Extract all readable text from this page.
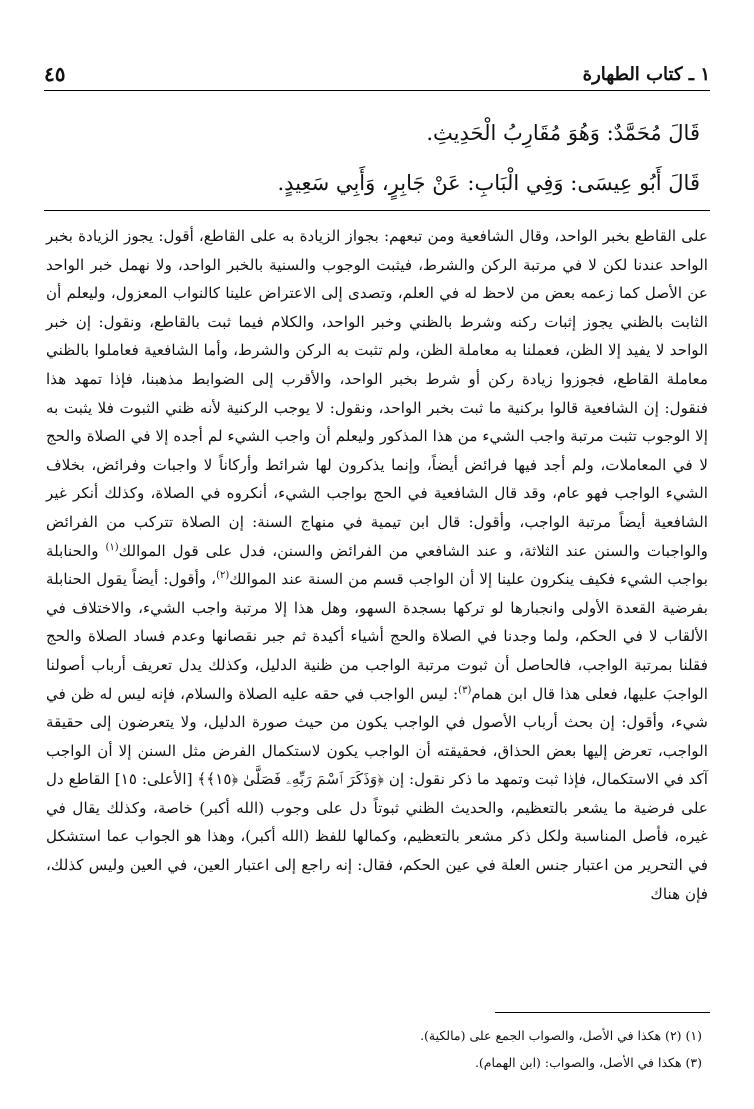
١ ـ كتاب الطهارة
٤٥

قَالَ مُحَمَّدٌ: وَهُوَ مُقَارِبُ الْحَدِيثِ.

قَالَ أَبُو عِيسَى: وَفِي الْبَابِ: عَنْ جَابِرٍ، وَأَبِي سَعِيدٍ.

على القاطع بخبر الواحد، وقال الشافعية ومن تبعهم: بجواز الزيادة به على القاطع، أقول: يجوز الزيادة بخبر الواحد عندنا لكن لا في مرتبة الركن والشرط، فيثبت الوجوب والسنية بالخبر الواحد، ولا نهمل خبر الواحد عن الأصل كما زعمه بعض من لاحظ له في العلم، وتصدى إلى الاعتراض علينا كالنواب المعزول، وليعلم أن الثابت بالظني يجوز إثبات ركنه وشرط بالظني وخبر الواحد، والكلام فيما ثبت بالقاطع، ونقول: إن خبر الواحد لا يفيد إلا الظن، فعملنا به معاملة الظن، ولم تثبت به الركن والشرط، وأما الشافعية فعاملوا بالظني معاملة القاطع، فجوزوا زيادة ركن أو شرط بخبر الواحد، والأقرب إلى الضوابط مذهبنا، فإذا تمهد هذا فنقول: إن الشافعية قالوا بركنية ما ثبت بخبر الواحد، ونقول: لا يوجب الركنية لأنه ظني الثبوت فلا يثبت به إلا الوجوب تثبت مرتبة واجب الشيء من هذا المذكور وليعلم أن واجب الشيء لم أجده إلا في الصلاة والحج لا في المعاملات، ولم أجد فيها فرائض أيضاً، وإنما يذكرون لها شرائط وأركاناً لا واجبات وفرائض، بخلاف الشيء الواجب فهو عام، وقد قال الشافعية في الحج بواجب الشيء، أنكروه في الصلاة، وكذلك أنكر غير الشافعية أيضاً مرتبة الواجب، وأقول: قال ابن تيمية في منهاج السنة: إن الصلاة تتركب من الفرائض والواجبات والسنن عند الثلاثة، و عند الشافعي من الفرائض والسنن، فدل على قول الموالك$^{(١)}$ والحنابلة بواجب الشيء فكيف ينكرون علينا إلا أن الواجب قسم من السنة عند الموالك$^{(٢)}$، وأقول: أيضاً يقول الحنابلة بفرضية القعدة الأولى وانجبارها لو تركها بسجدة السهو، وهل هذا إلا مرتبة واجب الشيء، والاختلاف في الألقاب لا في الحكم، ولما وجدنا في الصلاة والحج أشياء أكيدة ثم جبر نقصانها وعدم فساد الصلاة والحج فقلنا بمرتبة الواجب، فالحاصل أن ثبوت مرتبة الواجب من ظنية الدليل، وكذلك يدل تعريف أرباب أصولنا الواجبَ عليها، فعلى هذا قال ابن همام$^{(٣)}$: ليس الواجب في حقه عليه الصلاة والسلام، فإنه ليس له ظن في شيء، وأقول: إن بحث أرباب الأصول في الواجب يكون من حيث صورة الدليل، ولا يتعرضون إلى حقيقة الواجب، تعرض إليها بعض الحذاق، فحقيقته أن الواجب يكون لاستكمال الفرض مثل السنن إلا أن الواجب آكد في الاستكمال، فإذا ثبت وتمهد ما ذكر نقول: إن ﴿وَذَكَرَ ٱسْمَ رَبِّهِۦ فَصَلَّىٰ ﴿١٥﴾﴾ [الأعلى: ١٥] القاطع دل على فرضية ما يشعر بالتعظيم، والحديث الظني ثبوتاً دل على وجوب (الله أكبر) خاصة، وكذلك يقال في غيره، فأصل المناسبة ولكل ذكر مشعر بالتعظيم، وكمالها للفظ (الله أكبر)، وهذا هو الجواب عما استشكل في التحرير من اعتبار جنس العلة في عين الحكم، فقال: إنه راجع إلى اعتبار العين، في العين وليس كذلك، فإن هناك

(١) (٢) هكذا في الأصل، والصواب الجمع على (مالكية).

(٣) هكذا في الأصل، والصواب: (ابن الهمام).
